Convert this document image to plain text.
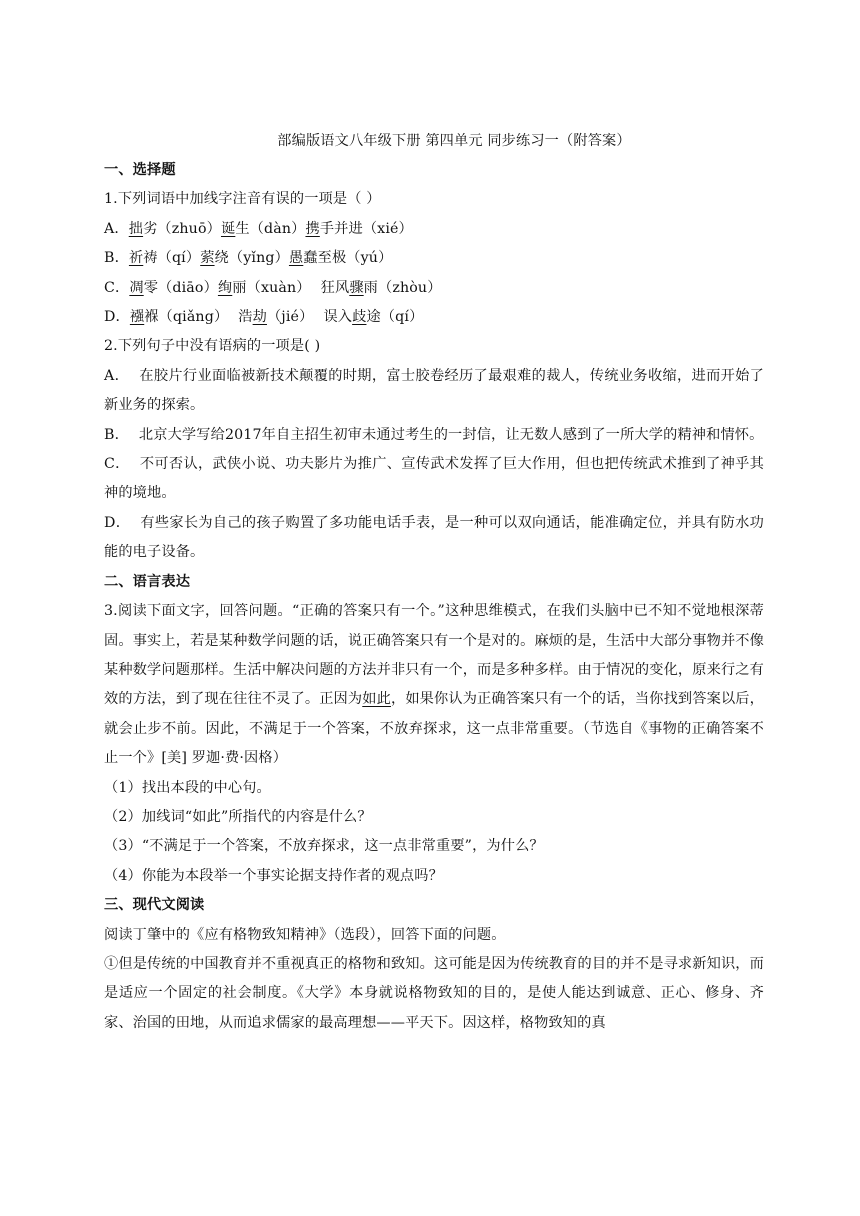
部编版语文八年级下册 第四单元 同步练习一（附答案）
一、选择题
1.下列词语中加线字注音有误的一项是（ ）
A．拙劣（zhuō）诞生（dàn）携手并进（xié）
B．祈祷（qí）萦绕（yǐng）愚蠢至极（yú）
C．凋零（diāo）绚丽（xuàn） 狂风骤雨（zhòu）
D．襁褓（qiǎng） 浩劫（jié） 误入歧途（qí）
2.下列句子中没有语病的一项是( )
A． 在胶片行业面临被新技术颠覆的时期，富士胶卷经历了最艰难的裁人，传统业务收缩，进而开始了新业务的探索。
B． 北京大学写给2017年自主招生初审未通过考生的一封信，让无数人感到了一所大学的精神和情怀。
C． 不可否认，武侠小说、功夫影片为推广、宣传武术发挥了巨大作用，但也把传统武术推到了神乎其神的境地。
D． 有些家长为自己的孩子购置了多功能电话手表，是一种可以双向通话，能准确定位，并具有防水功能的电子设备。
二、语言表达
3.阅读下面文字，回答问题。“正确的答案只有一个。”这种思维模式，在我们头脑中已不知不觉地根深蒂固。事实上，若是某种数学问题的话，说正确答案只有一个是对的。麻烦的是，生活中大部分事物并不像某种数学问题那样。生活中解决问题的方法并非只有一个，而是多种多样。由于情况的变化，原来行之有效的方法，到了现在往往不灵了。正因为如此，如果你认为正确答案只有一个的话，当你找到答案以后，就会止步不前。因此，不满足于一个答案，不放弃探求，这一点非常重要。（节选自《事物的正确答案不止一个》[美] 罗迦·费·因格）
（1）找出本段的中心句。
（2）加线词“如此”所指代的内容是什么？
（3）“不满足于一个答案，不放弃探求，这一点非常重要”，为什么？
（4）你能为本段举一个事实论据支持作者的观点吗？
三、现代文阅读
阅读丁肇中的《应有格物致知精神》（选段），回答下面的问题。
①但是传统的中国教育并不重视真正的格物和致知。这可能是因为传统教育的目的并不是寻求新知识，而是适应一个固定的社会制度。《大学》本身就说格物致知的目的，是使人能达到诚意、正心、修身、齐家、治国的田地，从而追求儒家的最高理想——平天下。因这样，格物致知的真
